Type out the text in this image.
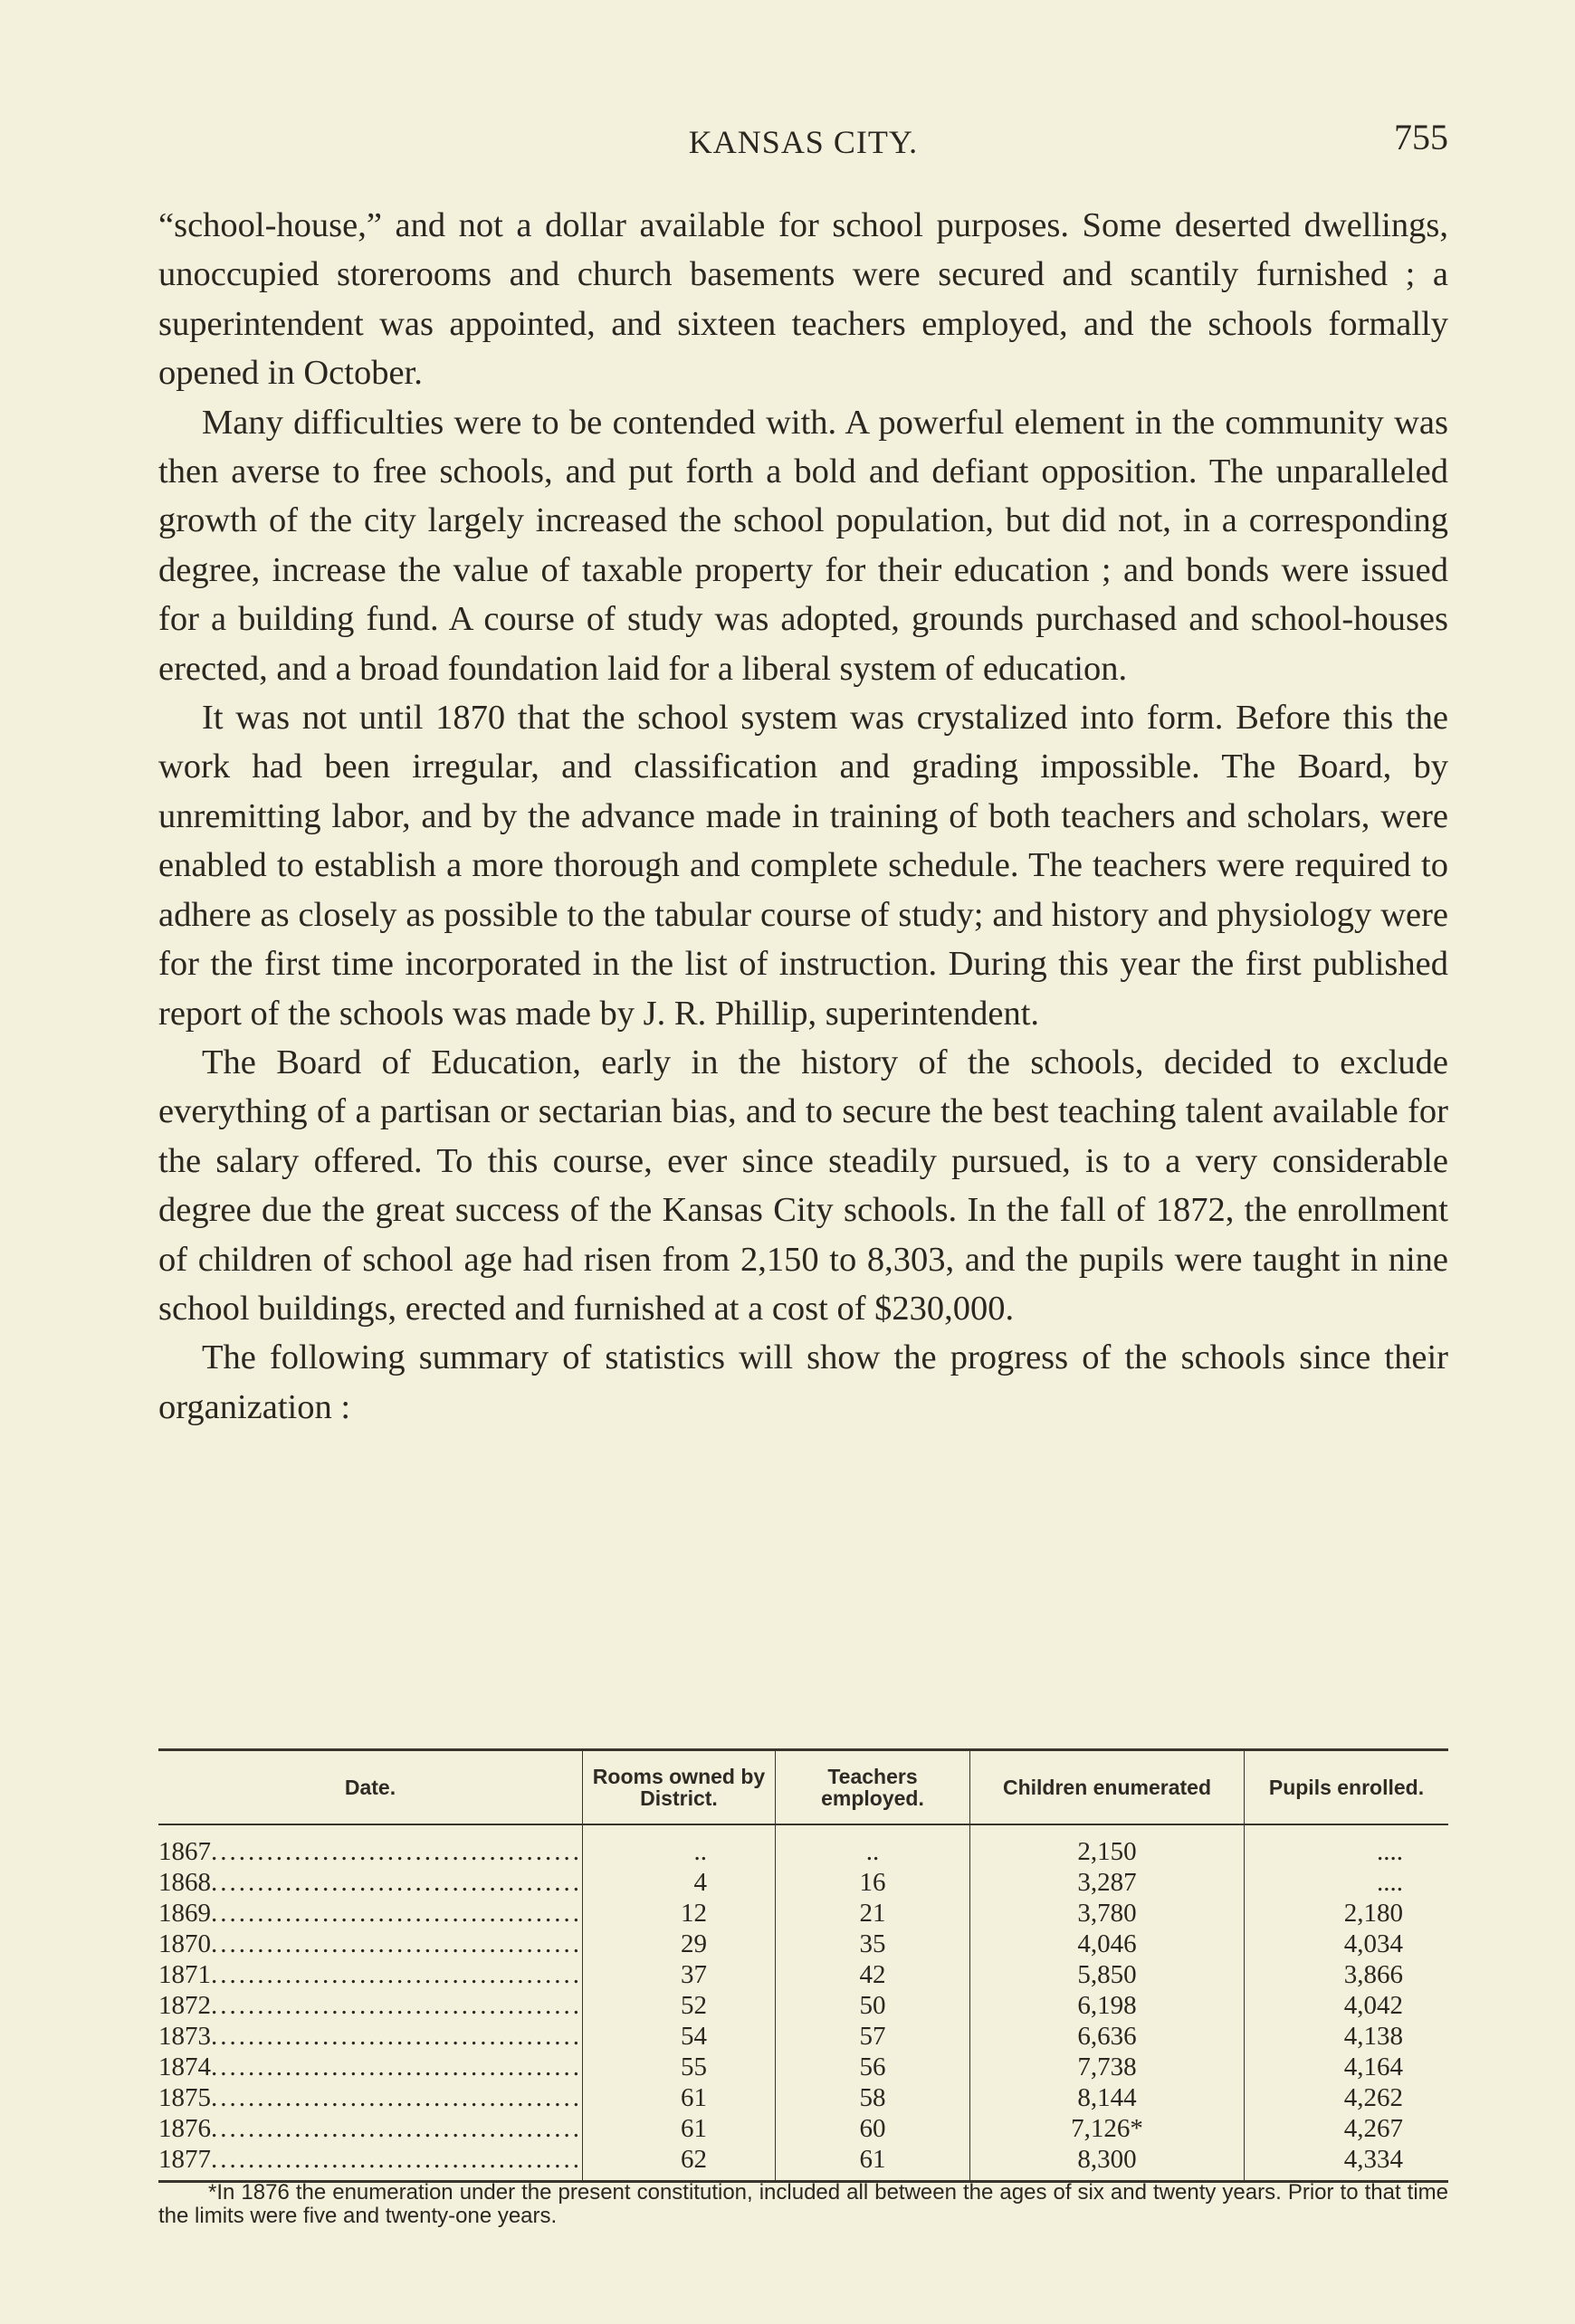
KANSAS CITY.	755

“school-house,” and not a dollar available for school purposes. Some deserted dwellings, unoccupied storerooms and church basements were secured and scantily furnished ; a superintendent was appointed, and sixteen teachers employed, and the schools formally opened in October.

Many difficulties were to be contended with. A powerful element in the community was then averse to free schools, and put forth a bold and defiant opposition. The unparalleled growth of the city largely increased the school population, but did not, in a corresponding degree, increase the value of taxable property for their education ; and bonds were issued for a building fund. A course of study was adopted, grounds purchased and school-houses erected, and a broad foundation laid for a liberal system of education.

It was not until 1870 that the school system was crystalized into form. Before this the work had been irregular, and classification and grading impossible. The Board, by unremitting labor, and by the advance made in training of both teachers and scholars, were enabled to establish a more thorough and complete schedule. The teachers were required to adhere as closely as possible to the tabular course of study; and history and physiology were for the first time incorporated in the list of instruction. During this year the first published report of the schools was made by J. R. Phillip, superintendent.

The Board of Education, early in the history of the schools, decided to exclude everything of a partisan or sectarian bias, and to secure the best teaching talent available for the salary offered. To this course, ever since steadily pursued, is to a very considerable degree due the great success of the Kansas City schools. In the fall of 1872, the enrollment of children of school age had risen from 2,150 to 8,303, and the pupils were taught in nine school buildings, erected and furnished at a cost of $230,000.

The following summary of statistics will show the progress of the schools since their organization :

Date.	Rooms owned by District.	Teachers employed.	Children enumerated	Pupils enrolled.
1867........................................	..	..	2,150	....
1868........................................	4	16	3,287	....
1869........................................	12	21	3,780	2,180
1870........................................	29	35	4,046	4,034
1871........................................	37	42	5,850	3,866
1872........................................	52	50	6,198	4,042
1873........................................	54	57	6,636	4,138
1874........................................	55	56	7,738	4,164
1875........................................	61	58	8,144	4,262
1876........................................	61	60	7,126*	4,267
1877........................................	62	61	8,300	4,334

*In 1876 the enumeration under the present constitution, included all between the ages of six and twenty years. Prior to that time the limits were five and twenty-one years.
